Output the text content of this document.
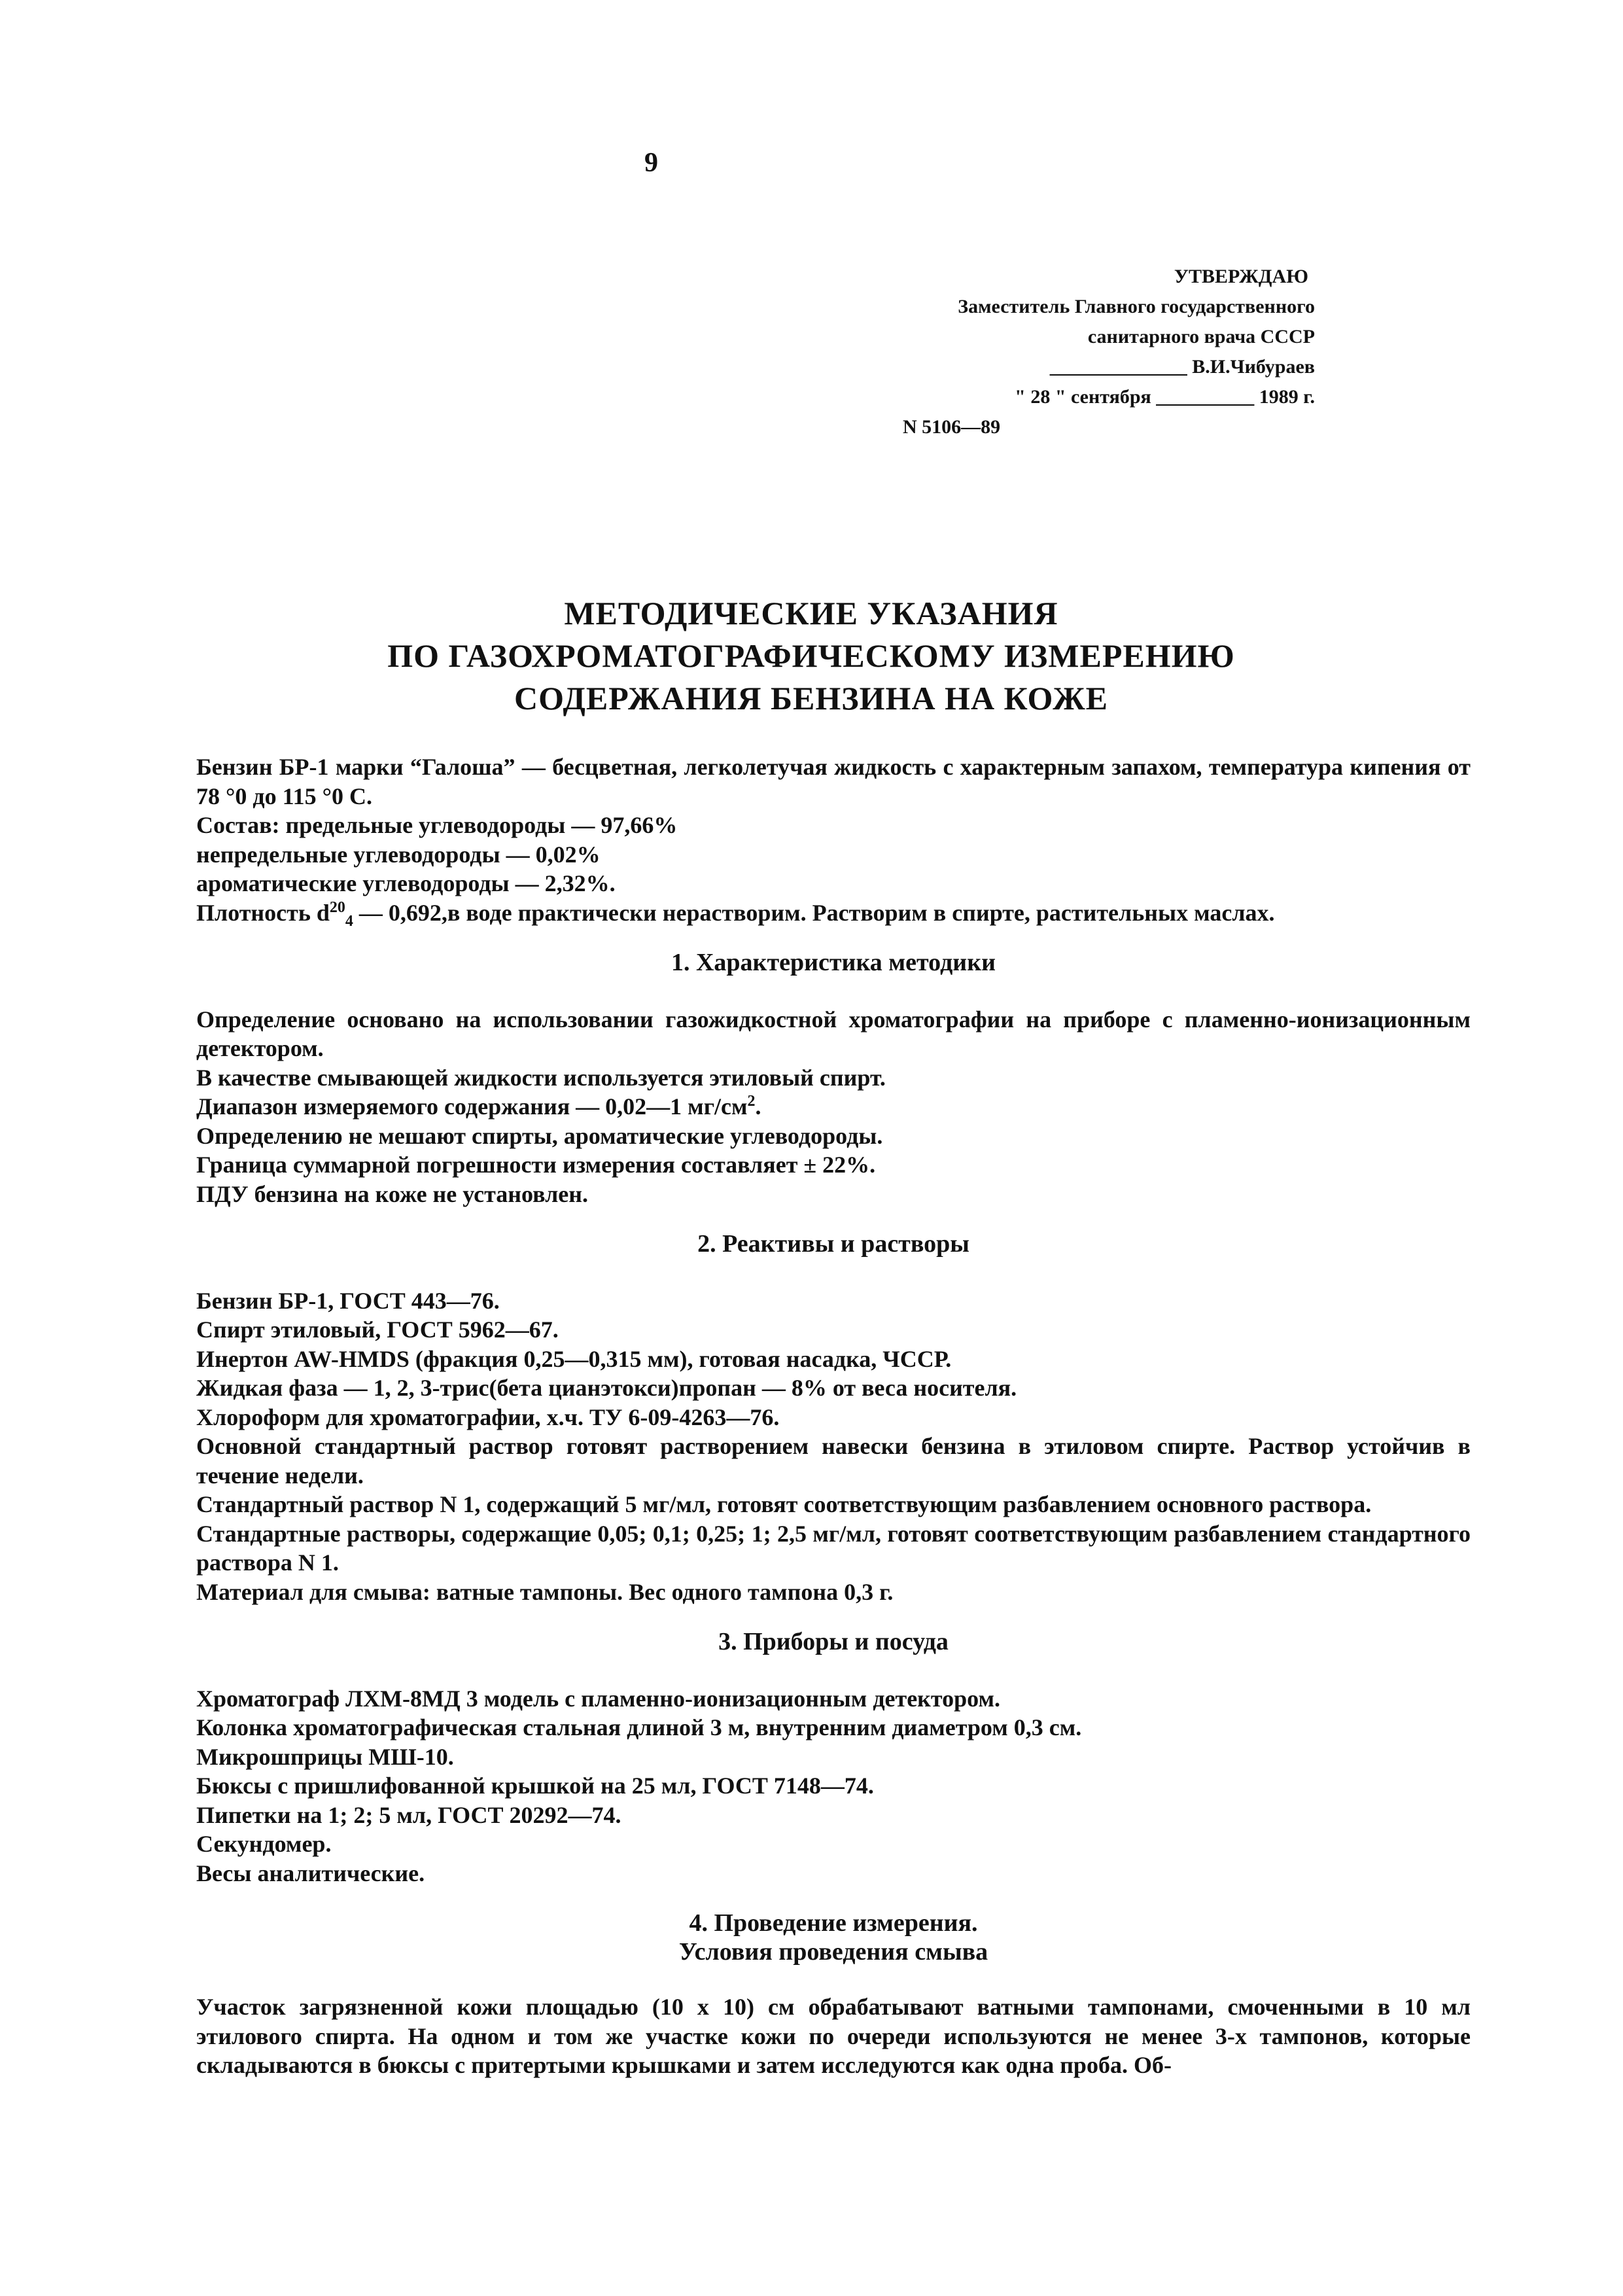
9
УТВЕРЖДАЮ
Заместитель Главного государственного
санитарного врача СССР
______________ В.И.Чибураев
" 28 " сентября __________ 1989 г.
N 5106—89
МЕТОДИЧЕСКИЕ УКАЗАНИЯ
ПО ГАЗОХРОМАТОГРАФИЧЕСКОМУ ИЗМЕРЕНИЮ
СОДЕРЖАНИЯ БЕНЗИНА НА КОЖЕ

Бензин БР-1 марки “Галоша” — бесцветная, легколетучая жидкость с характерным запахом, температура кипения от 78 °0 до 115 °0 С.

Состав: предельные углеводороды — 97,66%

непредельные углеводороды — 0,02%

ароматические углеводороды — 2,32%.

Плотность $d^{20}_4$ — 0,692,в воде практически нерастворим. Растворим в спирте, растительных маслах.

1. Характеристика методики

Определение основано на использовании газожидкостной хроматографии на приборе с пламенно-ионизационным детектором.

В качестве смывающей жидкости используется этиловый спирт.

Диапазон измеряемого содержания — 0,02—1 $мг/см^2$.

Определению не мешают спирты, ароматические углеводороды.

Граница суммарной погрешности измерения составляет ± 22%.

ПДУ бензина на коже не установлен.

2. Реактивы и растворы

Бензин БР-1, ГОСТ 443—76.

Спирт этиловый, ГОСТ 5962—67.

Инертон AW-HMDS (фракция 0,25—0,315 мм), готовая насадка, ЧССР.

Жидкая фаза — 1, 2, 3-трис(бета цианэтокси)пропан — 8% от веса носителя.

Хлороформ для хроматографии, х.ч. ТУ 6-09-4263—76.

Основной стандартный раствор готовят растворением навески бензина в этиловом спирте. Раствор устойчив в течение недели.

Стандартный раствор N 1, содержащий 5 мг/мл, готовят соответствующим разбавлением основного раствора.

Стандартные растворы, содержащие 0,05; 0,1; 0,25; 1; 2,5 мг/мл, готовят соответствующим разбавлением стандартного раствора N 1.

Материал для смыва: ватные тампоны. Вес одного тампона 0,3 г.

3. Приборы и посуда

Хроматограф ЛХМ-8МД 3 модель с пламенно-ионизационным детектором.

Колонка хроматографическая стальная длиной 3 м, внутренним диаметром 0,3 см.

Микрошприцы МШ-10.

Бюксы с пришлифованной крышкой на 25 мл, ГОСТ 7148—74.

Пипетки на 1; 2; 5 мл, ГОСТ 20292—74.

Секундомер.

Весы аналитические.

4. Проведение измерения.

Условия проведения смыва

Участок загрязненной кожи площадью (10 х 10) см обрабатывают ватными тампонами, смоченными в 10 мл этилового спирта. На одном и том же участке кожи по очереди используются не менее 3-х тампонов, которые складываются в бюксы с притертыми крышками и затем исследуются как одна проба. Об-
